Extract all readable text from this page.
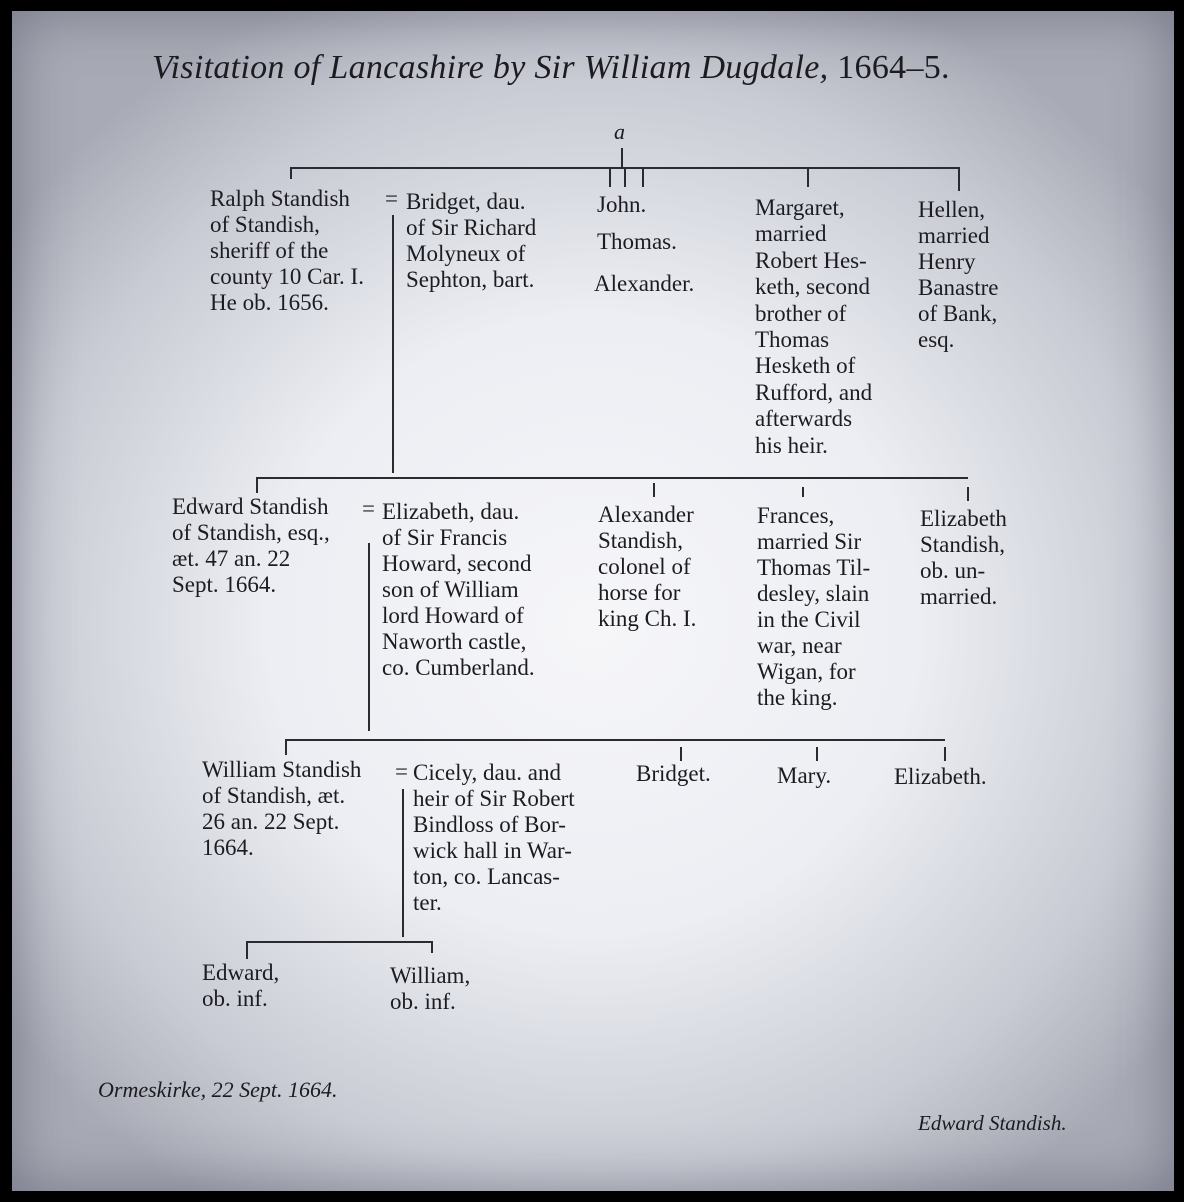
Visitation of Lancashire by Sir William Dugdale, 1664–5.
a
Ralph Standish
of Standish,
sheriff of the
county 10 Car. I.
He ob. 1656.
= Bridget, dau.
of Sir Richard
Molyneux of
Sephton, bart.
John.
Thomas.
Alexander.
Margaret,
married
Robert Hes-
keth, second
brother of
Thomas
Hesketh of
Rufford, and
afterwards
his heir.
Hellen,
married
Henry
Banastre
of Bank,
esq.
Edward Standish
of Standish, esq.,
æt. 47 an. 22
Sept. 1664.
= Elizabeth, dau.
of Sir Francis
Howard, second
son of William
lord Howard of
Naworth castle,
co. Cumberland.
Alexander
Standish,
colonel of
horse for
king Ch. I.
Frances,
married Sir
Thomas Til-
desley, slain
in the Civil
war, near
Wigan, for
the king.
Elizabeth
Standish,
ob. un-
married.
William Standish
of Standish, æt.
26 an. 22 Sept.
1664.
= Cicely, dau. and
heir of Sir Robert
Bindloss of Bor-
wick hall in War-
ton, co. Lancas-
ter.
Bridget.	Mary.	Elizabeth.
Edward,
ob. inf.
William,
ob. inf.
Ormeskirke, 22 Sept. 1664.
Edward Standish.
